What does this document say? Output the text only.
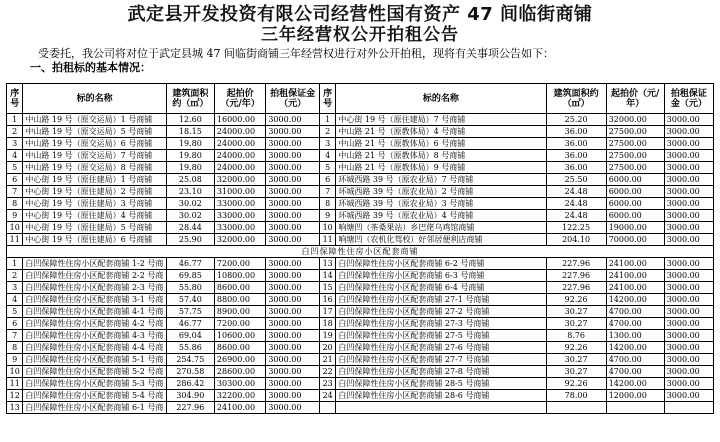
武定县开发投资有限公司经营性国有资产 47 间临街商铺
三年经营权公开拍租公告
受委托，我公司将对位于武定县城 47 间临街商铺三年经营权进行对外公开拍租，现将有关事项公告如下：
一、拍租标的基本情况：
序号	标的名称	建筑面积约（㎡）	起拍价（元/年）	拍租保证金（元）	序号	标的名称	建筑面积约（㎡）	起拍价（元/年）	拍租保证金（元）
1	中山路 19 号（原交运局）1 号商铺	12.60	16000.00	3000.00	1	中心街 19 号（原住建局）7 号商铺	25.20	32000.00	3000.00
2	中山路 19 号（原交运局）5 号商铺	18.15	24000.00	3000.00	2	中山路 21 号（原教体局）4 号商铺	36.00	27500.00	3000.00
3	中山路 19 号（原交运局）6 号商铺	19.80	24000.00	3000.00	3	中山路 21 号（原教体局）6 号商铺	36.00	27500.00	3000.00
4	中山路 19 号（原交运局）7 号商铺	19.80	24000.00	3000.00	4	中山路 21 号（原教体局）8 号商铺	36.00	27500.00	3000.00
5	中山路 19 号（原交运局）8 号商铺	19.80	24000.00	3000.00	5	中山路 21 号（原教体局）9 号商铺	36.00	27500.00	3000.00
6	中心街 19 号（原住建局）1 号商铺	25.08	32000.00	3000.00	6	环城西路 39 号（原农业局）7 号商铺	25.50	6000.00	3000.00
7	中心街 19 号（原住建局）2 号商铺	23.10	31000.00	3000.00	7	环城西路 39 号（原农业局）2 号商铺	24.48	6000.00	3000.00
8	中心街 19 号（原住建局）3 号商铺	30.02	33000.00	3000.00	8	环城西路 39 号（原农业局）3 号商铺	24.48	6000.00	3000.00
9	中心街 19 号（原住建局）4 号商铺	30.02	33000.00	3000.00	9	环城西路 39 号（原农业局）4 号商铺	24.48	6000.00	3000.00
10	中心街 19 号（原住建局）5 号商铺	28.44	33000.00	3000.00	10	响塘凹（茶桑果站）乡巴佬乌鸡馆商铺	122.25	19000.00	3000.00
11	中心街 19 号（原住建局）6 号商铺	25.90	32000.00	3000.00	11	响塘凹（农机化驾校）好邻居便利店商铺	204.10	70000.00	3000.00
白凹保障性住房小区配套商铺									
1	白凹保障性住房小区配套商铺 1-2 号商	46.77	7200.00	3000.00	13	白凹保障性住房小区配套商铺 6-2 号商铺	227.96	24100.00	3000.00
2	白凹保障性住房小区配套商铺 2-2 号商	69.85	10800.00	3000.00	14	白凹保障性住房小区配套商铺 6-3 号商铺	227.96	24100.00	3000.00
3	白凹保障性住房小区配套商铺 2-3 号商	55.80	8600.00	3000.00	15	白凹保障性住房小区配套商铺 6-4 号商铺	227.96	24100.00	3000.00
4	白凹保障性住房小区配套商铺 3-1 号商	57.40	8800.00	3000.00	16	白凹保障性住房小区配套商铺 27-1 号商铺	92.26	14200.00	3000.00
5	白凹保障性住房小区配套商铺 4-1 号商	57.75	8900.00	3000.00	17	白凹保障性住房小区配套商铺 27-2 号商铺	30.27	4700.00	3000.00
6	白凹保障性住房小区配套商铺 4-2 号商	46.77	7200.00	3000.00	18	白凹保障性住房小区配套商铺 27-3 号商铺	30.27	4700.00	3000.00
7	白凹保障性住房小区配套商铺 4-3 号商	69.04	10600.00	3000.00	19	白凹保障性住房小区配套商铺 27-5 号商铺	8.76	1300.00	3000.00
8	白凹保障性住房小区配套商铺 4-4 号商	55.86	8600.00	3000.00	20	白凹保障性住房小区配套商铺 27-6 号商铺	92.26	14200.00	3000.00
9	白凹保障性住房小区配套商铺 5-1 号商	254.75	26900.00	3000.00	21	白凹保障性住房小区配套商铺 27-7 号商铺	30.27	4700.00	3000.00
10	白凹保障性住房小区配套商铺 5-2 号商	270.58	28600.00	3000.00	22	白凹保障性住房小区配套商铺 27-8 号商铺	30.27	4700.00	3000.00
11	白凹保障性住房小区配套商铺 5-3 号商	286.42	30300.00	3000.00	23	白凹保障性住房小区配套商铺 28-5 号商铺	92.26	14200.00	3000.00
12	白凹保障性住房小区配套商铺 5-4 号商	304.90	32200.00	3000.00	24	白凹保障性住房小区配套商铺 28-6 号商铺	78.00	12000.00	3000.00
13	白凹保障性住房小区配套商铺 6-1 号商	227.96	24100.00	3000.00					
